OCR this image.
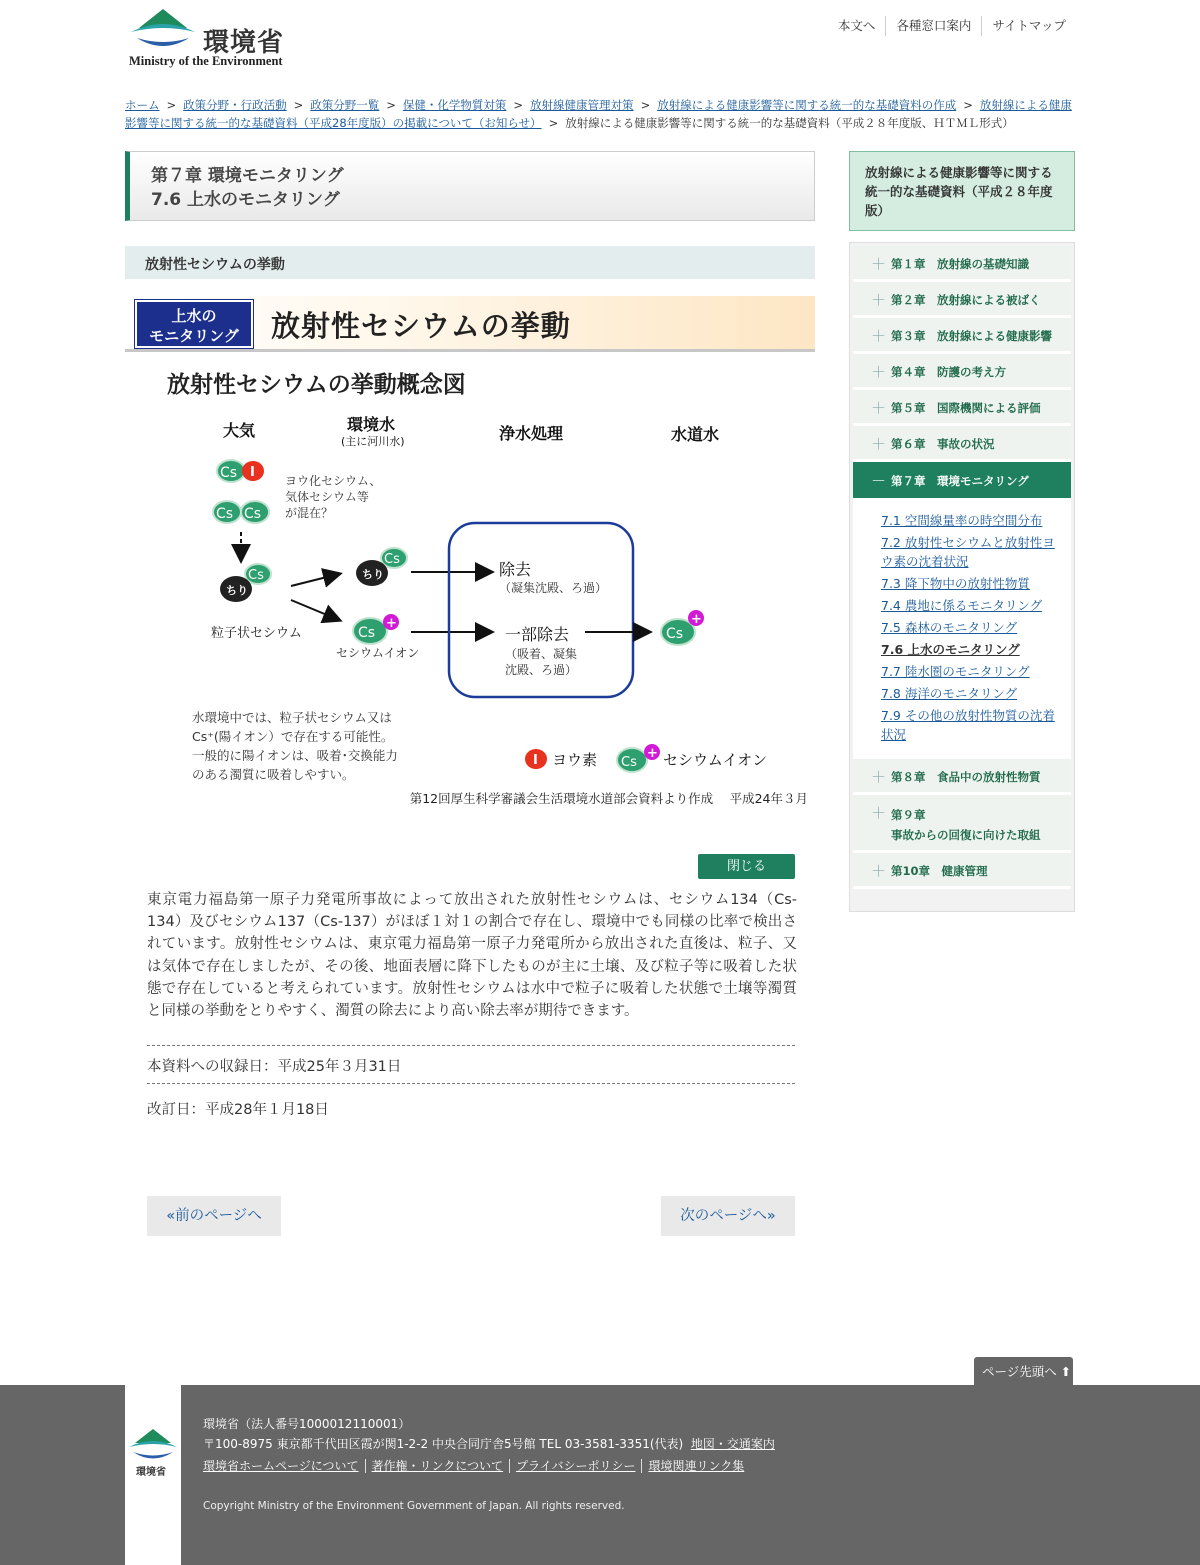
環境省
Ministry of the Environment
本文へ	各種窓口案内	サイトマップ
ホーム > 政策分野・行政活動 > 政策分野一覧 > 保健・化学物質対策 > 放射線健康管理対策 > 放射線による健康影響等に関する統一的な基礎資料の作成 > 放射線による健康影響等に関する統一的な基礎資料（平成28年度版）の掲載について（お知らせ） > 放射線による健康影響等に関する統一的な基礎資料（平成２８年度版、ＨＴＭＬ形式）
第７章 環境モニタリング
7.6 上水のモニタリング
放射性セシウムの挙動
上水の
モニタリング	放射性セシウムの挙動
放射性セシウムの挙動概念図
大気	環境水
(主に河川水)	浄水処理	水道水
Cs I
Cs Cs
ヨウ化セシウム、
気体セシウム等
が混在？
Cs
ちり
粒子状セシウム
Cs
ちり
Cs
+
セシウムイオン
除去
（凝集沈殿、ろ過）
一部除去
（吸着、凝集
沈殿、ろ過）
Cs
+
水環境中では、粒子状セシウム又は
Cs⁺(陽イオン）で存在する可能性。
一般的に陽イオンは、吸着･交換能力
のある濁質に吸着しやすい。
I ヨウ素 Cs
+ セシウムイオン
第12回厚生科学審議会生活環境水道部会資料より作成　 平成24年３月
閉じる
東京電力福島第一原子力発電所事故によって放出された放射性セシウムは、セシウム134（Cs-134）及びセシウム137（Cs-137）がほぼ１対１の割合で存在し、環境中でも同様の比率で検出されています。放射性セシウムは、東京電力福島第一原子力発電所から放出された直後は、粒子、又は気体で存在しましたが、その後、地面表層に降下したものが主に土壌、及び粒子等に吸着した状態で存在していると考えられています。放射性セシウムは水中で粒子に吸着した状態で土壌等濁質と同様の挙動をとりやすく、濁質の除去により高い除去率が期待できます。
本資料への収録日：平成25年３月31日
改訂日：平成28年１月18日
«前のページへ	次のページへ»
放射線による健康影響等に関する統一的な基礎資料（平成２８年度版）
＋ 第１章　放射線の基礎知識
＋ 第２章　放射線による被ばく
＋ 第３章　放射線による健康影響
＋ 第４章　防護の考え方
＋ 第５章　国際機関による評価
＋ 第６章　事故の状況
－ 第７章　環境モニタリング
7.1 空間線量率の時空間分布
7.2 放射性セシウムと放射性ヨウ素の沈着状況
7.3 降下物中の放射性物質
7.4 農地に係るモニタリング
7.5 森林のモニタリング
7.6 上水のモニタリング
7.7 陸水圏のモニタリング
7.8 海洋のモニタリング
7.9 その他の放射性物質の沈着状況
＋ 第８章　食品中の放射性物質
＋ 第９章
事故からの回復に向けた取組
＋ 第10章　健康管理
ページ先頭へ ⬆
環境省
環境省（法人番号1000012110001）
〒100-8975 東京都千代田区霞が関1-2-2 中央合同庁舎5号館 TEL 03-3581-3351(代表) 地図・交通案内
環境省ホームページについて 著作権・リンクについて プライバシーポリシー 環境関連リンク集
Copyright Ministry of the Environment Government of Japan. All rights reserved.
